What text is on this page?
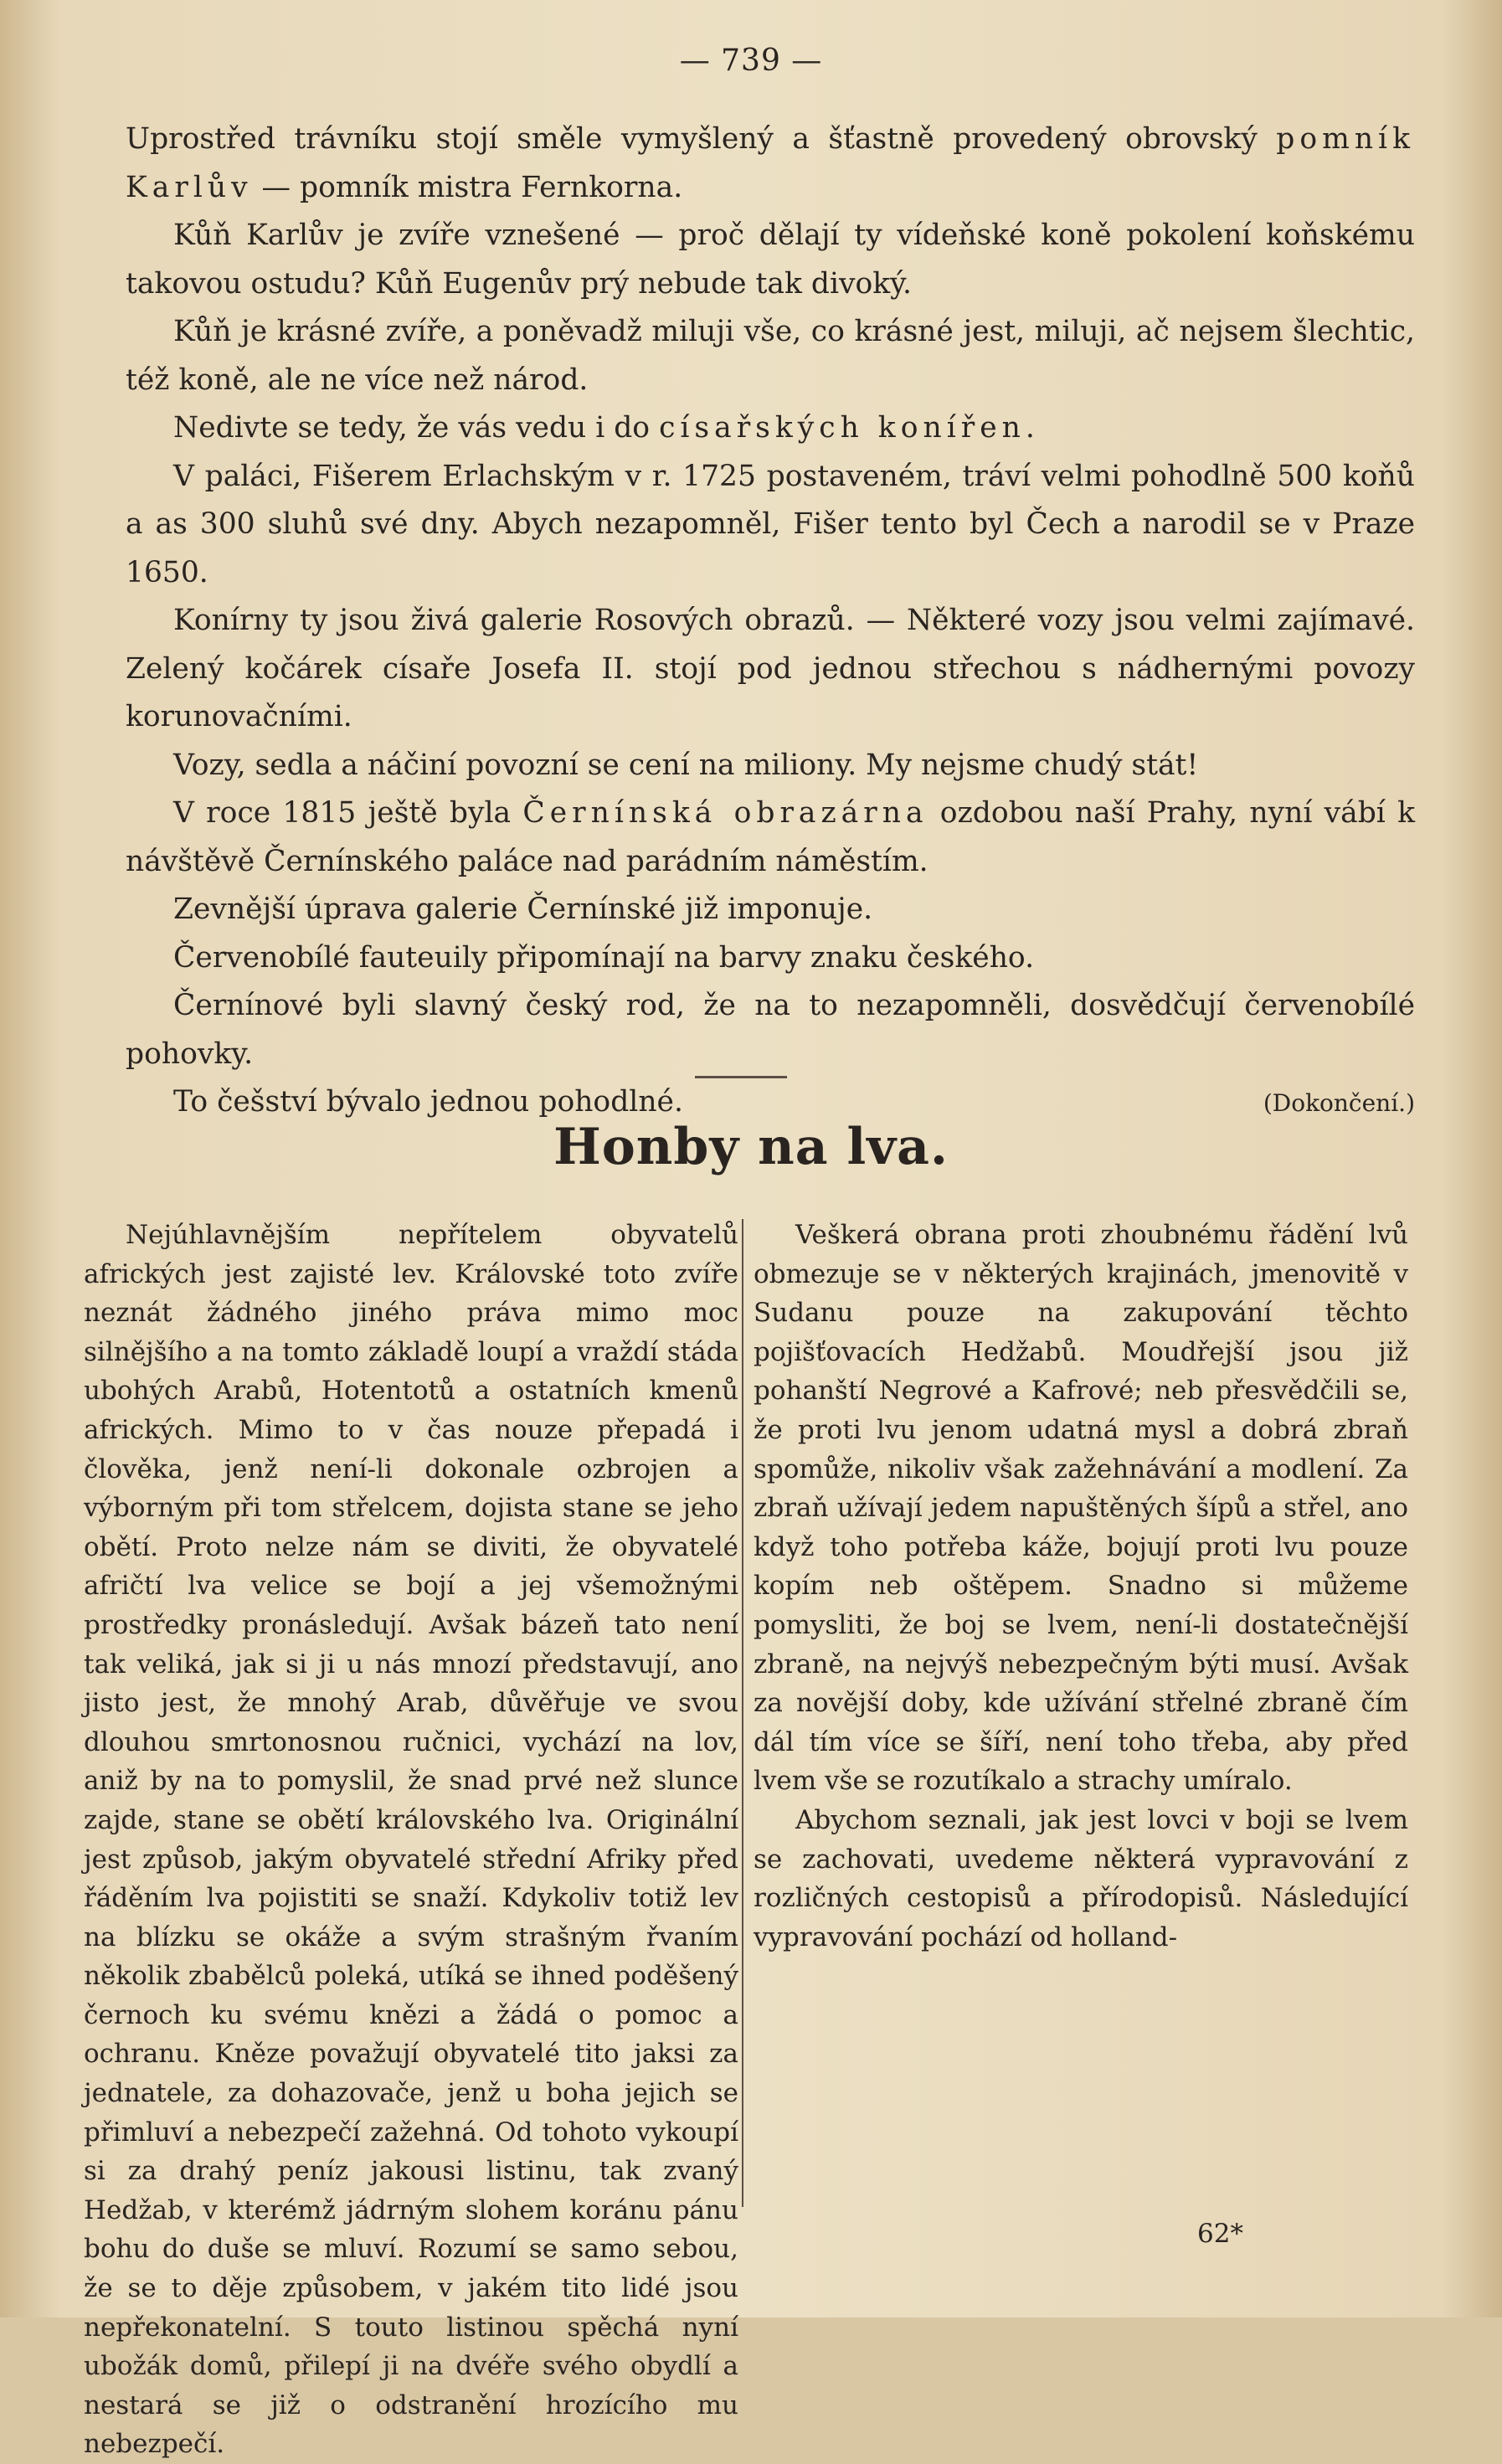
— 739 —

Uprostřed trávníku stojí směle vymyšlený a šťastně provedený obrovský pomník Karlův — pomník mistra Fernkorna.

Kůň Karlův je zvíře vznešené — proč dělají ty vídeňské koně pokolení koňskému takovou ostudu? Kůň Eugenův prý nebude tak divoký.

Kůň je krásné zvíře, a poněvadž miluji vše, co krásné jest, miluji, ač nejsem šlechtic, též koně, ale ne více než národ.

Nedivte se tedy, že vás vedu i do císařských konířen.

V paláci, Fišerem Erlachským v r. 1725 postaveném, tráví velmi pohodlně 500 koňů a as 300 sluhů své dny. Abych nezapomněl, Fišer tento byl Čech a narodil se v Praze 1650.

Konírny ty jsou živá galerie Rosových obrazů. — Některé vozy jsou velmi zajímavé. Zelený kočárek císaře Josefa II. stojí pod jednou střechou s nádhernými povozy korunovačními.

Vozy, sedla a náčiní povozní se cení na miliony. My nejsme chudý stát!

V roce 1815 ještě byla Černínská obrazárna ozdobou naší Prahy, nyní vábí k návštěvě Černínského paláce nad parádním náměstím.

Zevnější úprava galerie Černínské již imponuje.

Červenobílé fauteuily připomínají na barvy znaku českého.

Černínové byli slavný český rod, že na to nezapomněli, dosvědčují červenobílé pohovky.

To češství bývalo jednou pohodlné.	(Dokončení.)

Honby na lva.

Nejúhlavnějším nepřítelem obyvatelů afrických jest zajisté lev. Královské toto zvíře neznát žádného jiného práva mimo moc silnějšího a na tomto základě loupí a vraždí stáda ubohých Arabů, Hotentotů a ostatních kmenů afrických. Mimo to v čas nouze přepadá i člověka, jenž není-li dokonale ozbrojen a výborným při tom střelcem, dojista stane se jeho obětí. Proto nelze nám se diviti, že obyvatelé afričtí lva velice se bojí a jej všemožnými prostředky pronásledují. Avšak bázeň tato není tak veliká, jak si ji u nás mnozí představují, ano jisto jest, že mnohý Arab, důvěřuje ve svou dlouhou smrtonosnou ručnici, vychází na lov, aniž by na to pomyslil, že snad prvé než slunce zajde, stane se obětí královského lva. Originální jest způsob, jakým obyvatelé střední Afriky před řáděním lva pojistiti se snaží. Kdykoliv totiž lev na blízku se okáže a svým strašným řvaním několik zbabělců poleká, utíká se ihned poděšený černoch ku svému knězi a žádá o pomoc a ochranu. Kněze považují obyvatelé tito jaksi za jednatele, za dohazovače, jenž u boha jejich se přimluví a nebezpečí zažehná. Od tohoto vykoupí si za drahý peníz jakousi listinu, tak zvaný Hedžab, v kterémž jádrným slohem koránu pánu bohu do duše se mluví. Rozumí se samo sebou, že se to děje způsobem, v jakém tito lidé jsou nepřekonatelní. S touto listinou spěchá nyní ubožák domů, přilepí ji na dvéře svého obydlí a nestará se již o odstranění hrozícího mu nebezpečí.

Veškerá obrana proti zhoubnému řádění lvů obmezuje se v některých krajinách, jmenovitě v Sudanu pouze na zakupování těchto pojišťovacích Hedžabů. Moudřejší jsou již pohanští Negrové a Kafrové; neb přesvědčili se, že proti lvu jenom udatná mysl a dobrá zbraň spomůže, nikoliv však zažehnávání a modlení. Za zbraň užívají jedem napuštěných šípů a střel, ano když toho potřeba káže, bojují proti lvu pouze kopím neb oštěpem. Snadno si můžeme pomysliti, že boj se lvem, není-li dostatečnější zbraně, na nejvýš nebezpečným býti musí. Avšak za novější doby, kde užívání střelné zbraně čím dál tím více se šíří, není toho třeba, aby před lvem vše se rozutíkalo a strachy umíralo.

Abychom seznali, jak jest lovci v boji se lvem se zachovati, uvedeme některá vypravování z rozličných cestopisů a přírodopisů. Následující vypravování pochází od holland-

62*
